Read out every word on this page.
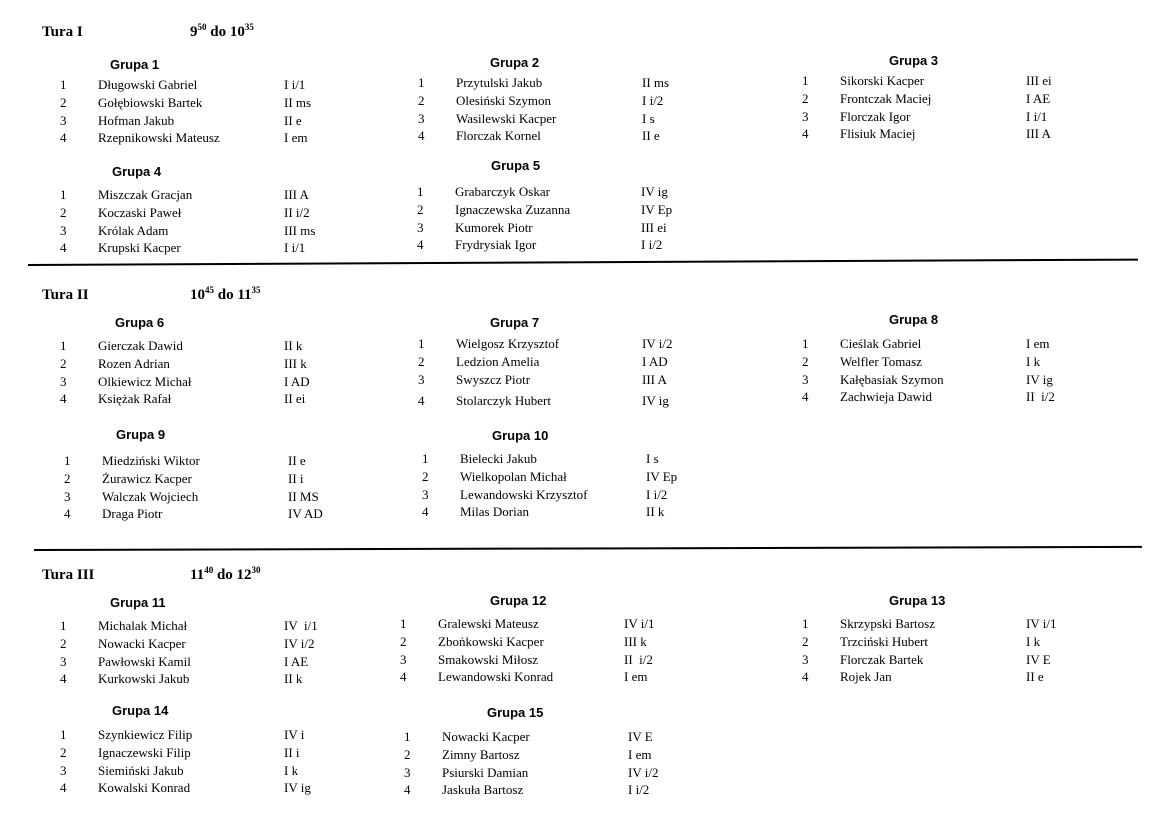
Tura I	$9^{50}$ do $10^{35}$
Grupa 1
1 Długowski Gabriel	I i/1
2 Gołębiowski Bartek	II ms
3 Hofman Jakub	II e
4 Rzepnikowski Mateusz	I em
Grupa 2
1 Przytulski Jakub	II ms
2 Olesiński Szymon	I i/2
3 Wasilewski Kacper	I s
4 Florczak Kornel	II e
Grupa 3
1 Sikorski Kacper	III ei
2 Frontczak Maciej	I AE
3 Florczak Igor	I i/1
4 Flisiuk Maciej	III A
Grupa 4
1 Miszczak Gracjan	III A
2 Koczaski Paweł	II i/2
3 Królak Adam	III ms
4 Krupski Kacper	I i/1
Grupa 5
1 Grabarczyk Oskar	IV ig
2 Ignaczewska Zuzanna	IV Ep
3 Kumorek Piotr	III ei
4 Frydrysiak Igor	I i/2
Tura II	$10^{45}$ do $11^{35}$
Grupa 6
1 Gierczak Dawid	II k
2 Rozen Adrian	III k
3 Olkiewicz Michał	I AD
4 Księżak Rafał	II ei
Grupa 7
1 Wielgosz Krzysztof	IV i/2
2 Ledzion Amelia	I AD
3 Swyszcz Piotr	III A
4 Stolarczyk Hubert	IV ig
Grupa 8
1 Cieślak Gabriel	I em
2 Welfler Tomasz	I k
3 Kałębasiak Szymon	IV ig
4 Zachwieja Dawid	II  i/2
Grupa 9
1 Miedziński Wiktor	II e
2 Żurawicz Kacper	II i
3 Walczak Wojciech	II MS
4 Draga Piotr	IV AD
Grupa 10
1 Bielecki Jakub	I s
2 Wielkopolan Michał	IV Ep
3 Lewandowski Krzysztof	I i/2
4 Milas Dorian	II k
Tura III	$11^{40}$ do $12^{30}$
Grupa 11
1 Michalak Michał	IV  i/1
2 Nowacki Kacper	IV i/2
3 Pawłowski Kamil	I AE
4 Kurkowski Jakub	II k
Grupa 12
1 Gralewski Mateusz	IV i/1
2 Zboṅkowski Kacper	III k
3 Smakowski Miłosz	II  i/2
4 Lewandowski Konrad	I em
Grupa 13
1 Skrzypski Bartosz	IV i/1
2 Trzciński Hubert	I k
3 Florczak Bartek	IV E
4 Rojek Jan	II e
Grupa 14
1 Szynkiewicz Filip	IV i
2 Ignaczewski Filip	II i
3 Siemiński Jakub	I k
4 Kowalski Konrad	IV ig
Grupa 15
1 Nowacki Kacper	IV E
2 Zimny Bartosz	I em
3 Psiurski Damian	IV i/2
4 Jaskuła Bartosz	I i/2
